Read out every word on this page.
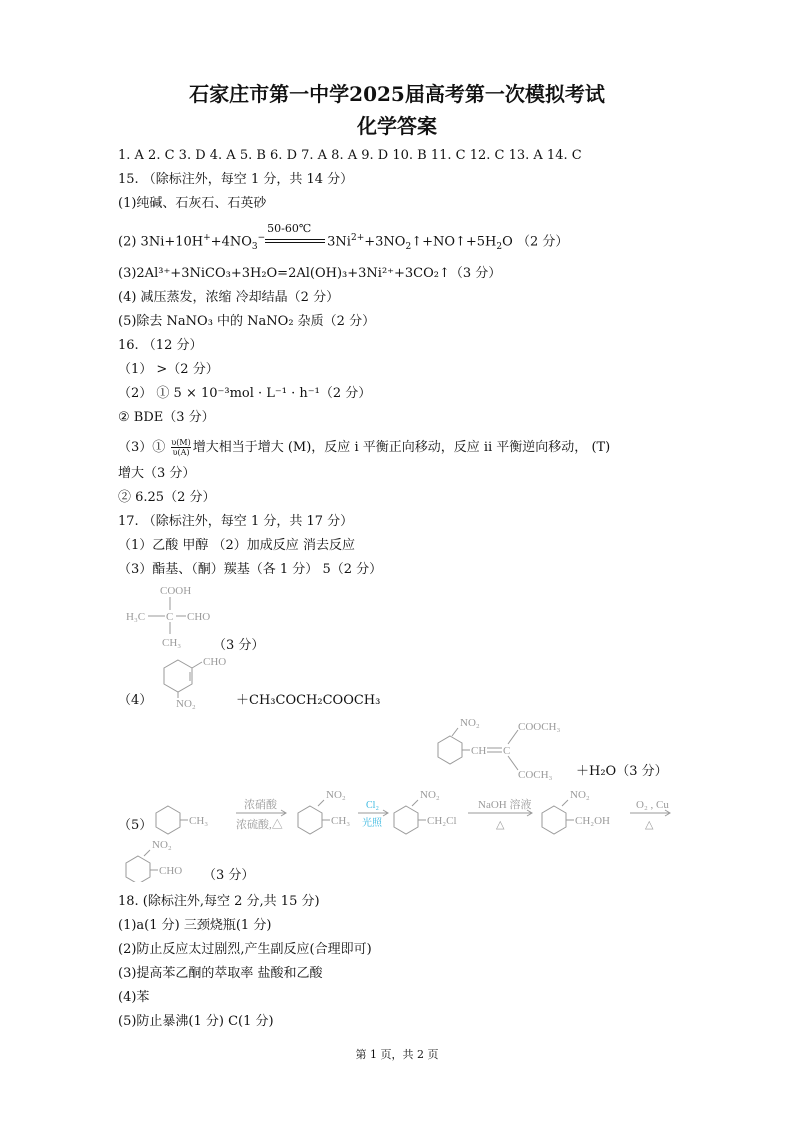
石家庄市第一中学2025届高考第一次模拟考试
化学答案
1. A 2. C 3. D 4. A 5. B 6. D 7. A 8. A 9. D 10. B 11. C 12. C 13. A 14. C
15. （除标注外，每空 1 分，共 14 分）
(1)纯碱、石灰石、石英砂
(2) $3Ni+10H^++4NO_3^-$
50-60℃
$3Ni^{2+}+3NO_2↑+NO↑+5H_2O$ （2 分）
(3)2Al³⁺+3NiCO₃+3H₂O=2Al(OH)₃+3Ni²⁺+3CO₂↑（3 分）
(4) 减压蒸发，浓缩 冷却结晶（2 分）
(5)除去 NaNO₃ 中的 NaNO₂ 杂质（2 分）
16. （12 分）
（1） >（2 分）
（2） ① 5 × 10⁻³mol · L⁻¹ · h⁻¹（2 分）
② BDE（3 分）
（3）① $\frac{\upsilon(M)}{\upsilon(A)}$ 增大相当于增大 (M)，反应 ⅰ 平衡正向移动，反应 ⅱ 平衡逆向移动， (T)
增大（3 分）
② 6.25（2 分）
17. （除标注外，每空 1 分，共 17 分）
（1）乙酸 甲醇 （2）加成反应 消去反应
（3）酯基、（酮）羰基（各 1 分） 5（2 分）
COOH
H₃C C CHO
CH₃ （3 分）
CHO
NO₂
（4）	＋CH₃COCH₂COOCH₃
NO₂
CH C
COOCH₃
COCH₃ ＋H₂O（3 分）
（5）	CH₃
浓硝酸
浓硫酸,△
NO₂
CH₃
Cl₂
光照
NO₂
CH₂Cl
NaOH 溶液
△
NO₂
CH₂OH
O₂ , Cu
△
NO₂
CHO （3 分）
18. (除标注外,每空 2 分,共 15 分)
(1)a(1 分) 三颈烧瓶(1 分)
(2)防止反应太过剧烈,产生副反应(合理即可)
(3)提高苯乙酮的萃取率 盐酸和乙酸
(4)苯
(5)防止暴沸(1 分) C(1 分)
第 1 页，共 2 页
